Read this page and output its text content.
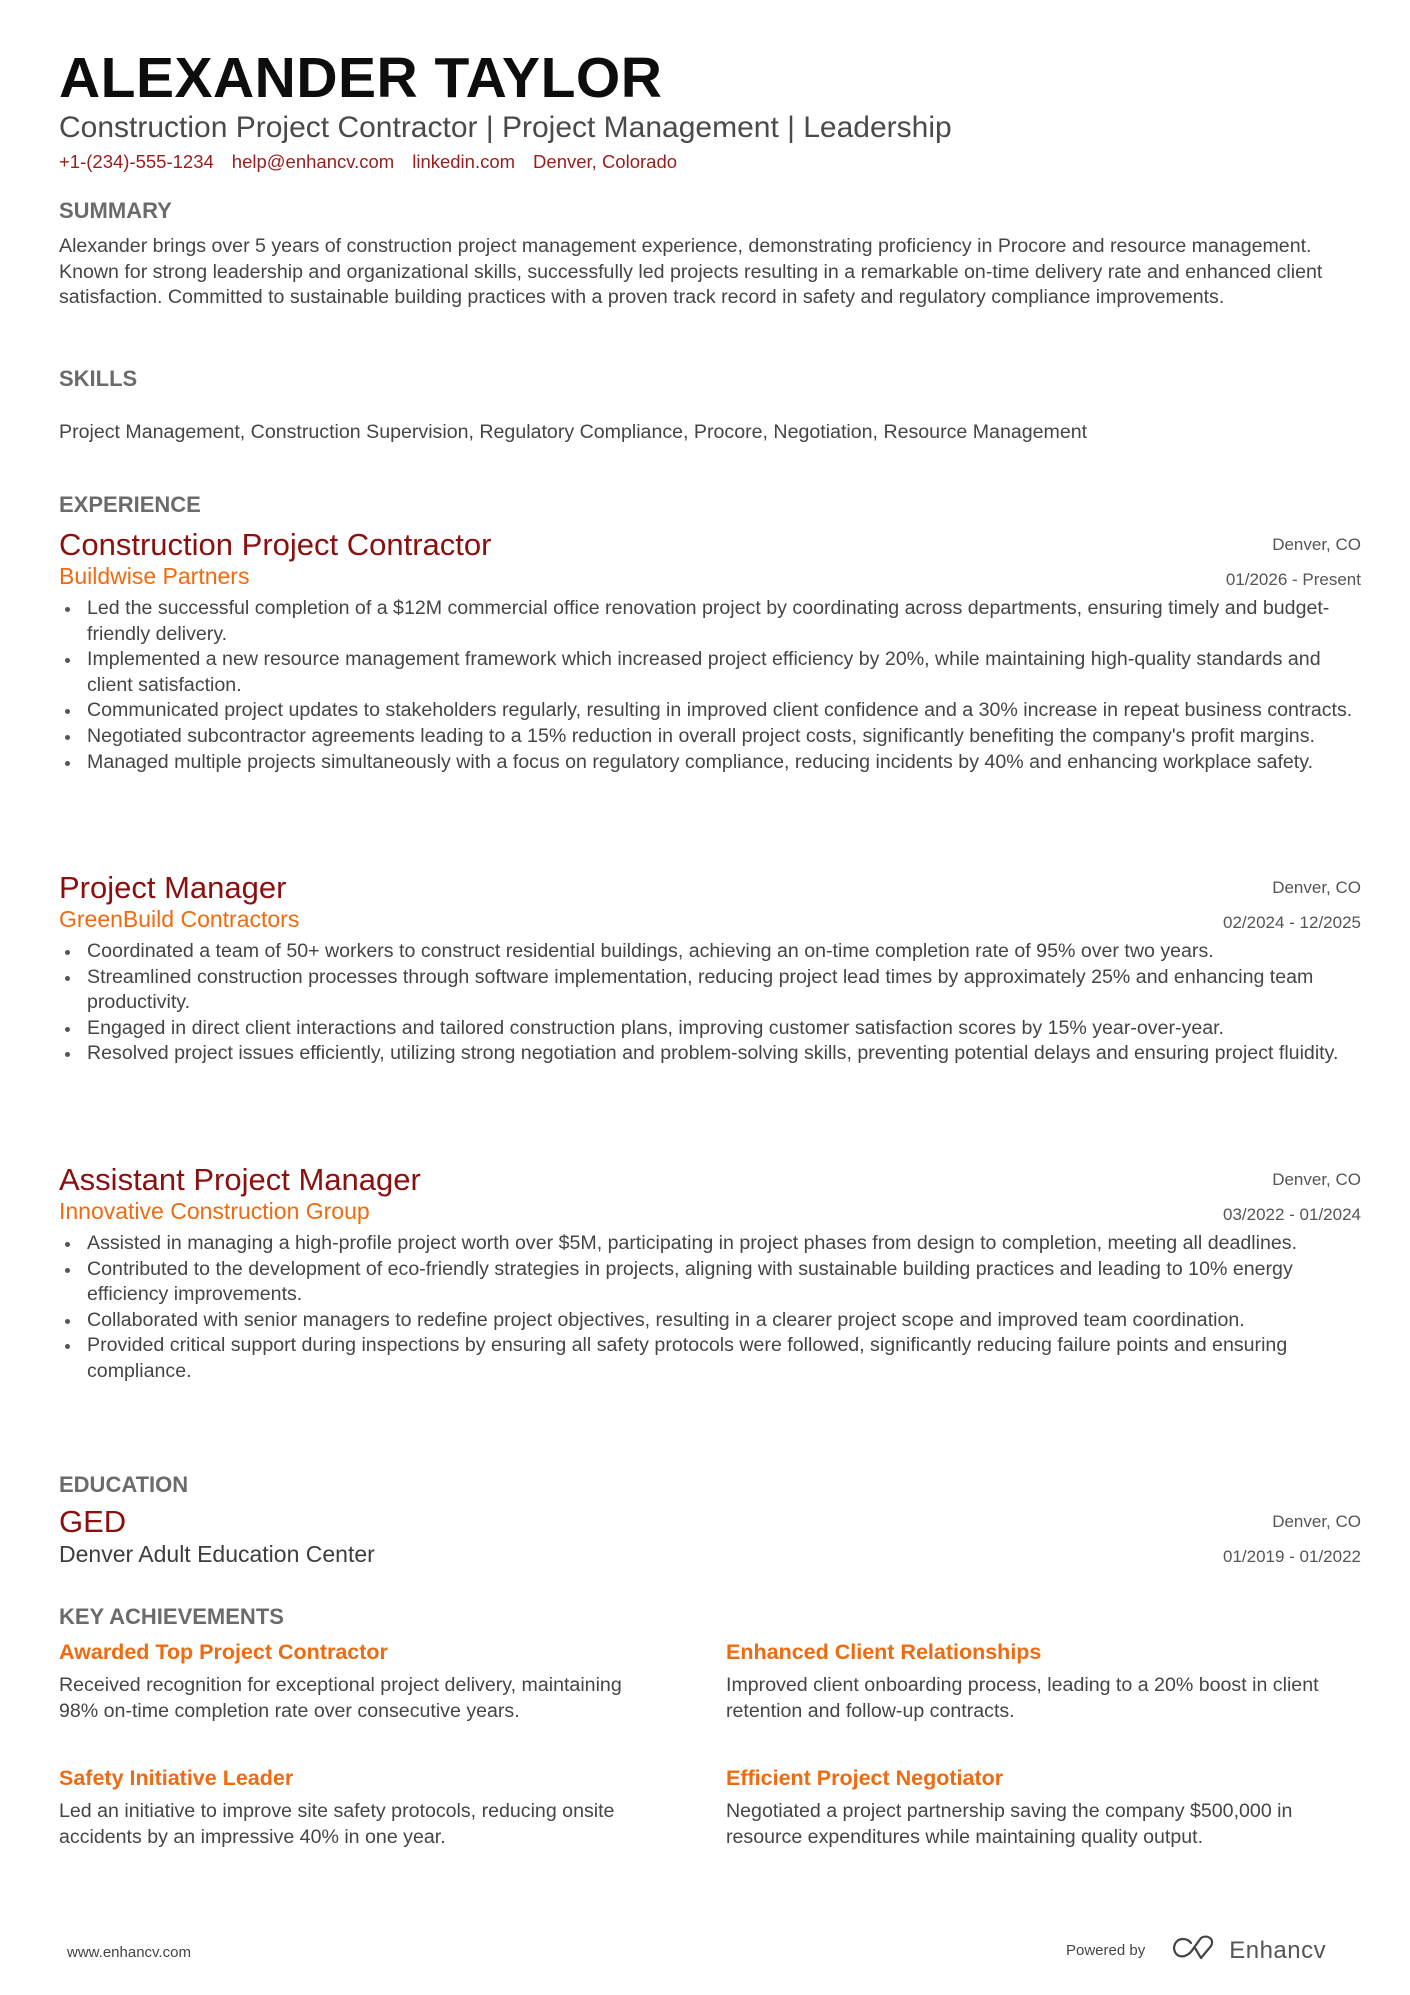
ALEXANDER TAYLOR
Construction Project Contractor | Project Management | Leadership
+1-(234)-555-1234 help@enhancv.com linkedin.com Denver, Colorado
SUMMARY
Alexander brings over 5 years of construction project management experience, demonstrating proficiency in Procore and resource management. Known for strong leadership and organizational skills, successfully led projects resulting in a remarkable on-time delivery rate and enhanced client satisfaction. Committed to sustainable building practices with a proven track record in safety and regulatory compliance improvements.
SKILLS
Project Management, Construction Supervision, Regulatory Compliance, Procore, Negotiation, Resource Management
EXPERIENCE
Construction Project Contractor
Buildwise Partners
Denver, CO
01/2026 - Present
Led the successful completion of a $12M commercial office renovation project by coordinating across departments, ensuring timely and budget-friendly delivery.
Implemented a new resource management framework which increased project efficiency by 20%, while maintaining high-quality standards and client satisfaction.
Communicated project updates to stakeholders regularly, resulting in improved client confidence and a 30% increase in repeat business contracts.
Negotiated subcontractor agreements leading to a 15% reduction in overall project costs, significantly benefiting the company's profit margins.
Managed multiple projects simultaneously with a focus on regulatory compliance, reducing incidents by 40% and enhancing workplace safety.
Project Manager
GreenBuild Contractors
Denver, CO
02/2024 - 12/2025
Coordinated a team of 50+ workers to construct residential buildings, achieving an on-time completion rate of 95% over two years.
Streamlined construction processes through software implementation, reducing project lead times by approximately 25% and enhancing team productivity.
Engaged in direct client interactions and tailored construction plans, improving customer satisfaction scores by 15% year-over-year.
Resolved project issues efficiently, utilizing strong negotiation and problem-solving skills, preventing potential delays and ensuring project fluidity.
Assistant Project Manager
Innovative Construction Group
Denver, CO
03/2022 - 01/2024
Assisted in managing a high-profile project worth over $5M, participating in project phases from design to completion, meeting all deadlines.
Contributed to the development of eco-friendly strategies in projects, aligning with sustainable building practices and leading to 10% energy efficiency improvements.
Collaborated with senior managers to redefine project objectives, resulting in a clearer project scope and improved team coordination.
Provided critical support during inspections by ensuring all safety protocols were followed, significantly reducing failure points and ensuring compliance.
EDUCATION
GED
Denver Adult Education Center
Denver, CO
01/2019 - 01/2022
KEY ACHIEVEMENTS
Awarded Top Project Contractor
Received recognition for exceptional project delivery, maintaining 98% on-time completion rate over consecutive years.
Enhanced Client Relationships
Improved client onboarding process, leading to a 20% boost in client retention and follow-up contracts.
Safety Initiative Leader
Led an initiative to improve site safety protocols, reducing onsite accidents by an impressive 40% in one year.
Efficient Project Negotiator
Negotiated a project partnership saving the company $500,000 in resource expenditures while maintaining quality output.
www.enhancv.com	Powered by	Enhancv
